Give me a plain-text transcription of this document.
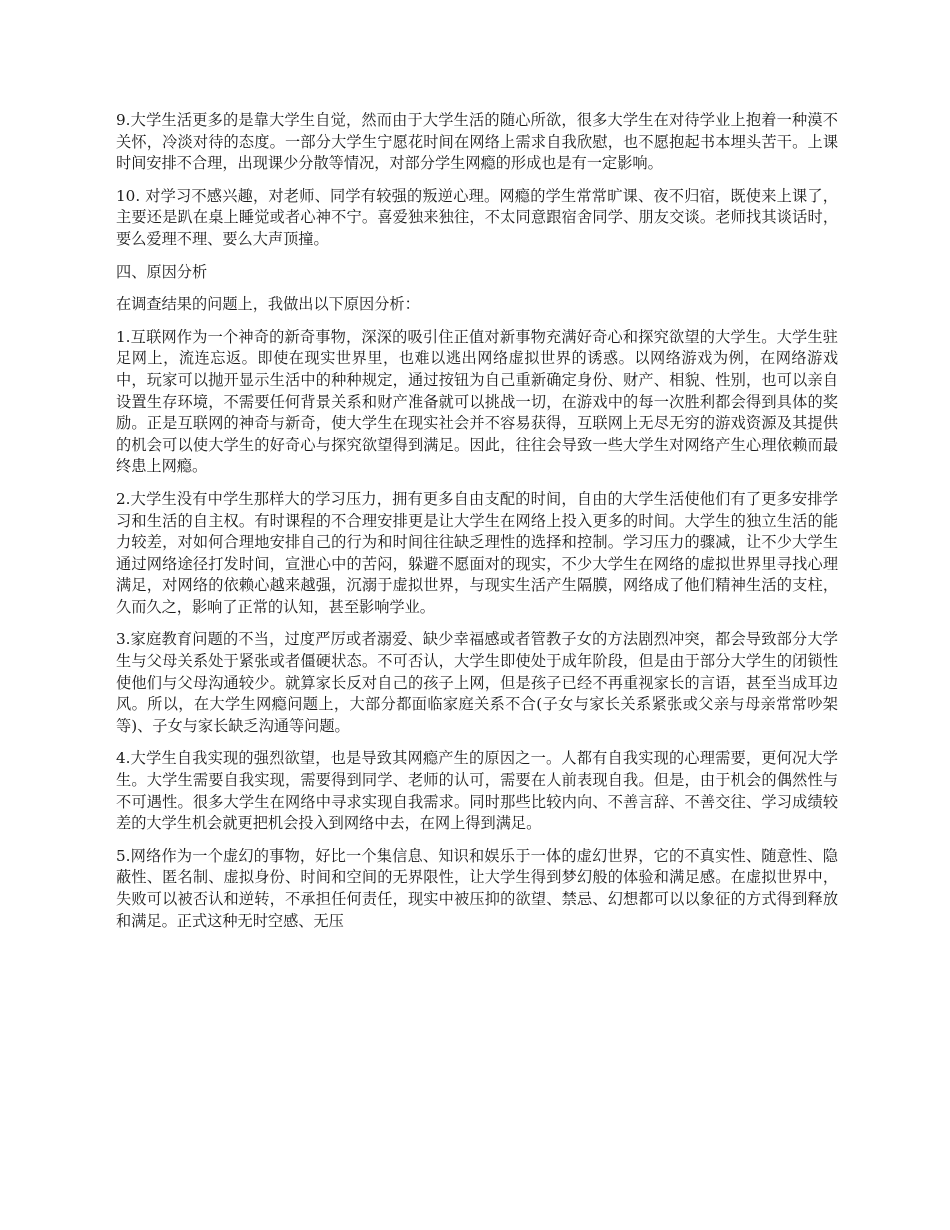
9.大学生活更多的是靠大学生自觉，然而由于大学生活的随心所欲，很多大学生在对待学业上抱着一种漠不关怀，冷淡对待的态度。一部分大学生宁愿花时间在网络上需求自我欣慰，也不愿抱起书本埋头苦干。上课时间安排不合理，出现课少分散等情况，对部分学生网瘾的形成也是有一定影响。

10. 对学习不感兴趣，对老师、同学有较强的叛逆心理。网瘾的学生常常旷课、夜不归宿，既使来上课了，主要还是趴在桌上睡觉或者心神不宁。喜爱独来独往，不太同意跟宿舍同学、朋友交谈。老师找其谈话时，要么爱理不理、要么大声顶撞。

四、原因分析

在调查结果的问题上，我做出以下原因分析：

1.互联网作为一个神奇的新奇事物，深深的吸引住正值对新事物充满好奇心和探究欲望的大学生。大学生驻足网上，流连忘返。即使在现实世界里，也难以逃出网络虚拟世界的诱惑。以网络游戏为例，在网络游戏中，玩家可以抛开显示生活中的种种规定，通过按钮为自己重新确定身份、财产、相貌、性别，也可以亲自设置生存环境，不需要任何背景关系和财产准备就可以挑战一切，在游戏中的每一次胜利都会得到具体的奖励。正是互联网的神奇与新奇，使大学生在现实社会并不容易获得，互联网上无尽无穷的游戏资源及其提供的机会可以使大学生的好奇心与探究欲望得到满足。因此，往往会导致一些大学生对网络产生心理依赖而最终患上网瘾。

2.大学生没有中学生那样大的学习压力，拥有更多自由支配的时间，自由的大学生活使他们有了更多安排学习和生活的自主权。有时课程的不合理安排更是让大学生在网络上投入更多的时间。大学生的独立生活的能力较差，对如何合理地安排自己的行为和时间往往缺乏理性的选择和控制。学习压力的骤减，让不少大学生通过网络途径打发时间，宣泄心中的苦闷，躲避不愿面对的现实，不少大学生在网络的虚拟世界里寻找心理满足，对网络的依赖心越来越强，沉溺于虚拟世界，与现实生活产生隔膜，网络成了他们精神生活的支柱，久而久之，影响了正常的认知，甚至影响学业。

3.家庭教育问题的不当，过度严厉或者溺爱、缺少幸福感或者管教子女的方法剧烈冲突，都会导致部分大学生与父母关系处于紧张或者僵硬状态。不可否认，大学生即使处于成年阶段，但是由于部分大学生的闭锁性使他们与父母沟通较少。就算家长反对自己的孩子上网，但是孩子已经不再重视家长的言语，甚至当成耳边风。所以，在大学生网瘾问题上，大部分都面临家庭关系不合(子女与家长关系紧张或父亲与母亲常常吵架等)、子女与家长缺乏沟通等问题。

4.大学生自我实现的强烈欲望，也是导致其网瘾产生的原因之一。人都有自我实现的心理需要，更何况大学生。大学生需要自我实现，需要得到同学、老师的认可，需要在人前表现自我。但是，由于机会的偶然性与不可遇性。很多大学生在网络中寻求实现自我需求。同时那些比较内向、不善言辞、不善交往、学习成绩较差的大学生机会就更把机会投入到网络中去，在网上得到满足。

5.网络作为一个虚幻的事物，好比一个集信息、知识和娱乐于一体的虚幻世界，它的不真实性、随意性、隐蔽性、匿名制、虚拟身份、时间和空间的无界限性，让大学生得到梦幻般的体验和满足感。在虚拟世界中，失败可以被否认和逆转，不承担任何责任，现实中被压抑的欲望、禁忌、幻想都可以以象征的方式得到释放和满足。正式这种无时空感、无压
